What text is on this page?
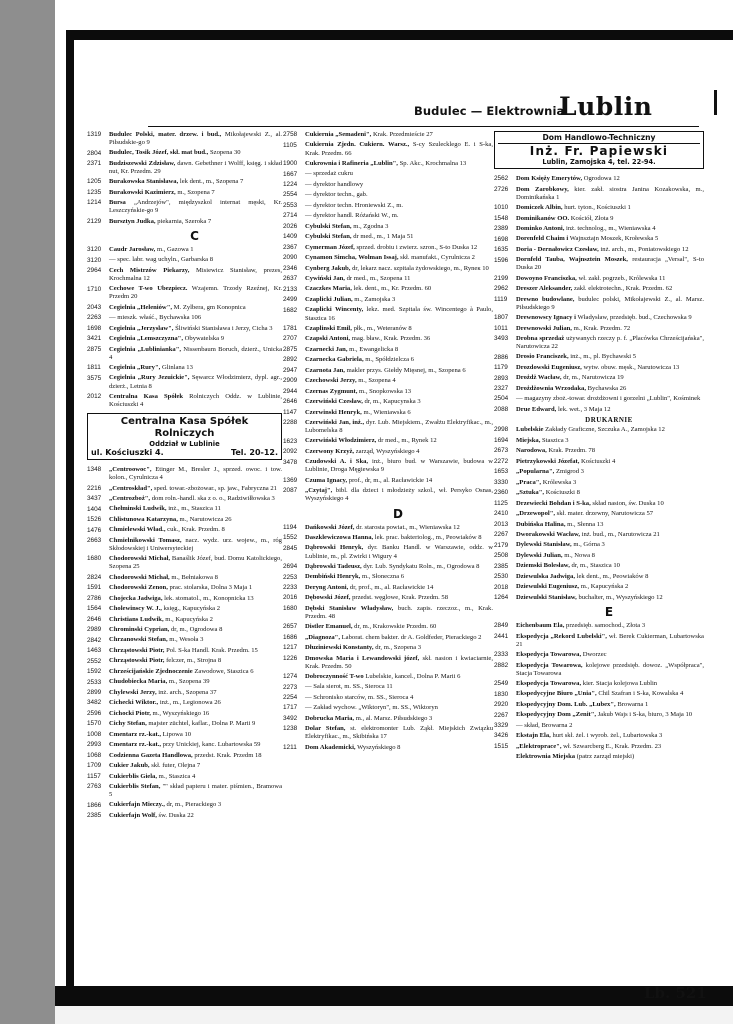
Budulec — Elektrownia
Lublin
1319	Budulec Polski, mater. drzew. i bud., Mikołajewski Z., al. Piłsudskie-go 9
2804	Budulec, Tosik Józef, skł. mat bud., Szopena 30
2371	Budziszewski Zdzisław, dawn. Gebethner i Wolff, księg. i skład nut, Kr. Przedm. 29
1205	Burakowska Stanisława, lek dent., m., Szopena 7
1235	Burakowski Kazimierz, m., Szopena 7
1214	Bursa „Andrzejów", międzyszkol internat męski, Kr. Leszczyńskie-go 9
2129	Bursztyn Judka, piekarnia, Szeroka 7
C
3120	Caudr Jarosław, m., Gazowa 1
3120	— spec. labr. wag uchyln., Garbarska 8
2964	Cech Mistrzów Piekarzy, Misiewicz Stanisław, prezes, Krochmalna 12
1710	Cechowe T-wo Ubezpiecz. Wzajemn. Trzody Rzeźnej, Kr. Przedm 20
2043	Cegielnia „Heleniów", M. Zylbera, gm Konopnica
2263	— mieszk. właść., Bychawska 106
1698	Cegielnia „Jerzyslaw", Śliwiński Stanisława i Jerzy, Cicha 3
3421	Cegielnia „Lemszczyzna", Obywatelska 9
2875	Cegielnia „Lublinianka", Nissenbaum Boruch, dzierż., Unicka 4
1811	Cegielnia „Rury", Glinlana 13
3575	Cegielnia „Rury Jezuickie", Sęwarcz Włodzimierz, dypl. agr., dzierż., Letnia 8
2012	Centralna Kasa Spółek Rolniczych Oddz. w Lublinie, Kościuszki 4
Centralna Kasa Spółek Rolniczych
Oddział w Lublinie
ul. Kościuszki 4.	Tel. 20-12.
1348	„Centroowoc", Etinger M., Bresler J., sprzed. owoc. i tow. kolon., Cyrulnicza 4
2216	„Centroskład", sped. towar.-zbożowar., sp. jaw., Fabryczna 21
3437	„Centrozboż", dom roln.-handl. ska z o. o., Radziwiłłowska 3
1404	Chełminski Ludwik, inż., m., Staszica 11
1526	Chlistunowa Katarzyna, m., Narutowicza 26
1476	Chmielewski Wład., cuk., Krak. Przedm. 8
2663	Chmielnikowski Tomasz, nacz. wydz. urz. wojew., m., róg Skłodowskiej i Uniwersyteckiej
1680	Chodorowski Michał, Banaślik Józef, bud. Domu Katolickiego, Szopena 25
2824	Chodorowski Michał, m., Bełniakowa 8
1591	Chodorowski Zenon, prac. stolarska, Dolna 3 Maja 1
2786	Chojecka Jadwiga, lek. stomatol., m., Konopnicka 13
1564	Cholewinscy W. J., księg., Kapucyńska 2
2646	Christians Ludwik, m., Kapucyńska 2
2989	Chrominski Cyprian, dr, m., Ogrodowa 8
2842	Chrzanowski Stefan, m., Wesoła 3
1463	Chrząstowski Piotr, Pol. S-ka Handl. Krak. Przedm. 15
2552	Chrząstowski Piotr, felczer, m., Strojna 8
1592	Chrześcijańskie Zjednoczenie Zawodowe, Staszica 6
2533	Chudobiecka Maria, m., Szopena 39
2899	Chylewski Jerzy, inż. arch., Szopena 37
3482	Cichecki Wiktor., inż., m., Legionowa 26
2596	Cichocki Piotr, m., Wyszyńskiego 16
1570	Cichy Stefan, majster züchtel, kaflar., Dolna P. Marii 9
1008	Cmentarz rz.-kat., Lipowa 10
2993	Cmentarz rz.-kat., przy Unickiej, kanc. Lubartowska 59
1068	Codzienna Gazeta Handlowa, przedst. Krak. Przedm 18
1709	Cukier Jakub, skł. futer, Olejna 7
1157	Cukierblis Giela, m., Staszica 4
2763	Cukierblis Stefan, "" skład papieru i mater. piśmien., Bramowa 5
1866	Cukierfajn Mieczy., dr, m., Pierackiego 3
2385	Cukierfajn Wolf, św. Duska 22
2758	Cukiernia „Semadeni", Krak. Przedmieście 27
1105	Cukiernia Zjedn. Cukiern. Warsz., S-cy Szulecklego E. i S-ka, Krak. Przedm. 66
1900	Cukrownia i Rafineria „Lublin", Sp. Akc., Krochmalna 13
1667	— sprzedaż cukru
1224	— dyrektor handlowy
2554	— dyrektor techn., gab.
2553	— dyrektor techn. Hroniewski Z., m.
2714	— dyrektor handl. Różański W., m.
2026	Cybulski Stefan, m., Zgodna 3
1409	Cybulski Stefan, dr med., m., 1 Maja 51
2367	Cymerman Józef, sprzed. drobiu i zwierz. szron., S-to Duska 12
2090	Cynamon Simcha, Wolman Issaj, skł. manufakt., Cyrulnicza 2
2346	Cynberg Jakub, dr, lekarz nacz. szpitala żydowskiego, m., Ryneк 10
2637	Cywiński Jan, dr med., m., Szopena 11
2133	Czaczkes Maria, lek. dent., m., Kr. Przedm. 60
2499	Czaplicki Julian, m., Zamojska 3
1682	Czaplicki Wincenty, lekz. med. Szpitala św. Wincentego à Paulo, Staszica 16
1781	Czaplinski Emil, płk., m., Weteranów 8
2707	Czapski Antoni, mag. bław., Krak. Przedm. 36
2875	Czarnecki Jan, m., Ewangelicka 8
2892	Czarnecka Gabriela, m., Spółdzielcza 6
2947	Czarnota Jan, makler przys. Giełdy Mięsnej, m., Szopena 6
2909	Czechowski Jerzy, m., Szopena 4
2944	Czernas Zygmunt, m., Snopkowska 13
2646	Czerwiński Czesław, dr, m., Kapucynska 3
1147	Czerwinski Henryk, m., Wieniawska 6
2288	Czerwiński Jan, inż., dyr. Lub. Miejskiem., Zwałżu Elektryfikac., m., Lubomelska 8
1623	Czerwiński Włodzimierz, dr med., m., Rynek 12
2092	Czerwony Krzyż, zarząd, Wyszyńskiego 4
3478	Czudowski A. i Ska, inż., biuro bud. w Warszawie, budowa w Lublinie, Droga Męgiewska 9
1369	Czuma Ignacy, prof., dr, m., al. Racławickie 14
2087	„Czytaj", bibl. dla dzieci i młodzieży szkol., wł. Persyko Osnas, Wyszyńskiego 4
D
1194	Dańkowski Józef, dr. starosta powiat., m., Wieniawska 12
1552	Daszklewiczowa Hanna, lek. prac. bakteriolog., m., Peowiaków 8
2845	Dąbrowski Henryk, dyr. Banku Handl. w Warszawie, oddz. w Lublinie, m., pl. Zwirki i Wigury 4
2694	Dąbrowski Tadeusz, dyr. Lub. Syndykatu Roln., m., Ogrodowa 8
2253	Dembiński Henryk, m., Słoneczna 6
2233	Deryng Antoni, dr, prof., m., al. Racławickie 14
2016	Dębowski Józef, przedst. węglowe, Krak. Przedm. 58
1680	Dębski Stanisław Władysław, buch. zapis. rzeczoz., m., Krak. Przedm. 48
2657	Distler Emanuel, dr, m., Krakowskie Przedm. 60
1686	„Diagnoza", Laborat. chem bakter. dr A. Goldfeder, Pierackiego 2
1217	Dłuziniewski Konstanty, dr, m., Szopena 3
1226	Dmowska Maria i Lewandowski józef, skł. nasion i kwiaciarnie, Krak. Przedm. 50
1274	Dobroczynność T-wo Lubelskie, kancel., Dolna P. Marii 6
2273	— Sala sierot, m. SS., Sieroca 11
2254	— Schronisko starców, m. SS., Sieroca 4
1717	— Zakład wychow. „Wiktoryn", m. SS., Wiktoryn
3492	Dobrucka Maria, m., al. Marsz. Piłsudskiego 3
1238	Dolar Stefan, st. elektromonter Lub. Ząkł. Miejskich Związku Elektryfikac., m., Skibińska 17
1211	Dom Akademicki, Wyszyńskiego 8
Dom Handlowo-Techniczny
Inż. Fr. Papiewski
Lublin, Zamojska 4, tel. 22-94.
2562	Dom Księży Emerytów, Ogrodowa 12
2726	Dom Zarobkowy, kier. zakł. siostra Janina Kozakowska, m., Dominikańska 1
1010	Domiczek Albin, hurt. tyton., Kościuszki 1
1548	Dominikanów OO. Kościół, Złota 9
2389	Dominko Antoni, inż. technolog., m., Wieniawska 4
1698	Dorenfeld Chaim i Wajnsztajn Moszek, Krołewska 5
1635	Doria - Dernałowicz Czesław, inż. arch., m., Poniatowskiego 12
1596	Dornfeld Tauba, Wajnsztein Moszek, restauracja „Versal", S-to Duska 20
2199	Dowoyno Franciszka, wł. zakł. pogrzeb., Królewska 11
2962	Dreszer Aleksander, zakł. elektrotechn., Krak. Przedm. 62
1119	Drewno budowlane, budulec polski, Mikołajewski Z., al. Marsz. Piłsudskiego 9
1807	Drewnowscy Ignacy i Władysław, przedsięb. bud., Czechowska 9
1011	Drewnowski Julian, m., Krak. Przedm. 72
3493	Drobna sprzedaż używanych rzeczy p. f. „Placówka Chrześcijańska", Narutowicza 22
2886	Drosio Franciszek, inż., m., pl. Bychawski 5
1179	Drozdowski Eugeniusz, wytw. obuw. męsk., Narutowicza 13
2893	Drożdż Wacław, dr, m., Narutowicza 19
2327	Drożdżownia Wrzodaka, Bychawska 26
2504	— magazyny zboż.-towar. drożdżowni i gorzelni „Lublin", Kośminek
2088	Drue Edward, lek. wet., 3 Maja 12
DRUKARNIE
2998	Lubelskie Zakłady Graficzne, Szczuka A., Zamojska 12
1694	Miejska, Staszica 3
2673	Narodowa, Krak. Przedm. 78
2272	Pietrzykowski Józefat, Kościuszki 4
1653	„Popularna", Zmigrod 3
3330	„Praca", Królewska 3
2360	„Sztuka", Kościuszki 8
1125	Drzewiecki Bohdan i S-ka, skład nasion, św. Duska 10
2410	„Drzewopol", skł. mater. drzewny, Narutowicza 57
2013	Dubińska Halina, m., Słenna 13
2267	Dworakowski Wacław, inż. bud., m., Narutowicza 21
2179	Dylewski Stanisław, m., Górna 3
2508	Dylewski Julian, m., Nowa 8
2385	Dziemski Bolesław, dr, m., Staszica 10
2530	Dziewulska Jadwiga, lek dent., m., Peowiaków 8
2018	Dziewulski Eugeniusz, m., Kapucyńska 2
1264	Dziewulski Stanisław, buchalter, m., Wyszyńskiego 12
E
2849	Eichenbaum Ela, przedsięb. samochod., Złota 3
2441	Ekspedycja „Rekord Lubelski", wł. Berek Cukierman, Lubartowska 21
2333	Ekspedycja Towarowa, Dworzec
2882	Ekspedycja Towarowa, kolejowe przedsięb. dowoz. „Współpraca", Stacja Towarowa
2549	Ekspedycja Towarowa, kier. Stacja kolejowa Lublin
1830	Ekspedycyjne Biuro „Unia", Chil Szafran i S-ka, Kowalska 4
2920	Ekspedycyjny Dom. Lub. „Lubex", Browarna 1
2267	Ekspedycyjny Dom „Zenit", Jakub Wajs i S-ka, biuro, 3 Maja 10
3329	— skład, Browarna 2
3426	Ekstajn Ela, hurt skł. żel. i wyrob. żel., Lubartowska 3
1515	„Elektroprace", wł. Szwarcberg E., Krak. Przedm. 23
Elektrownia Miejska (patrz zarząd miejski)
Lb. 521
